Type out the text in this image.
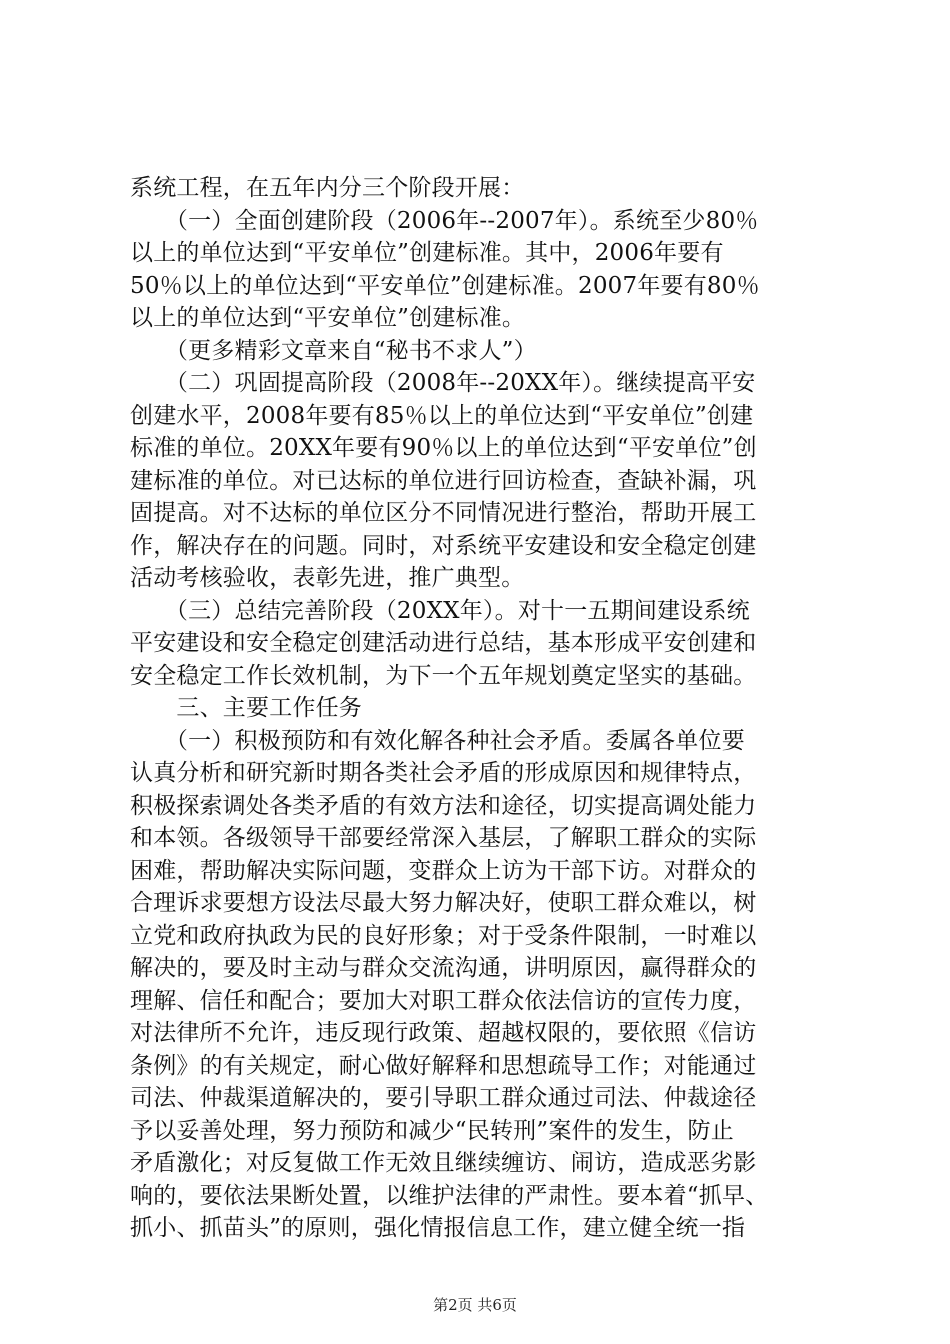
系统工程，在五年内分三个阶段开展：
　　（一）全面创建阶段（2006年--2007年）。系统至少80％
以上的单位达到“平安单位”创建标准。其中，2006年要有
50％以上的单位达到“平安单位”创建标准。2007年要有80％
以上的单位达到“平安单位”创建标准。
　　（更多精彩文章来自“秘书不求人”）
　　（二）巩固提高阶段（2008年--20XX年）。继续提高平安
创建水平，2008年要有85％以上的单位达到“平安单位”创建
标准的单位。20XX年要有90％以上的单位达到“平安单位”创
建标准的单位。对已达标的单位进行回访检查，查缺补漏，巩
固提高。对不达标的单位区分不同情况进行整治，帮助开展工
作，解决存在的问题。同时，对系统平安建设和安全稳定创建
活动考核验收，表彰先进，推广典型。
　　（三）总结完善阶段（20XX年）。对十一五期间建设系统
平安建设和安全稳定创建活动进行总结，基本形成平安创建和
安全稳定工作长效机制，为下一个五年规划奠定坚实的基础。
　　三、主要工作任务
　　（一）积极预防和有效化解各种社会矛盾。委属各单位要
认真分析和研究新时期各类社会矛盾的形成原因和规律特点，
积极探索调处各类矛盾的有效方法和途径，切实提高调处能力
和本领。各级领导干部要经常深入基层，了解职工群众的实际
困难，帮助解决实际问题，变群众上访为干部下访。对群众的
合理诉求要想方设法尽最大努力解决好，使职工群众难以，树
立党和政府执政为民的良好形象；对于受条件限制，一时难以
解决的，要及时主动与群众交流沟通，讲明原因，赢得群众的
理解、信任和配合；要加大对职工群众依法信访的宣传力度，
对法律所不允许，违反现行政策、超越权限的，要依照《信访
条例》的有关规定，耐心做好解释和思想疏导工作；对能通过
司法、仲裁渠道解决的，要引导职工群众通过司法、仲裁途径
予以妥善处理，努力预防和减少“民转刑”案件的发生，防止
矛盾激化；对反复做工作无效且继续缠访、闹访，造成恶劣影
响的，要依法果断处置，以维护法律的严肃性。要本着“抓早、
抓小、抓苗头”的原则，强化情报信息工作，建立健全统一指
第2页 共6页
